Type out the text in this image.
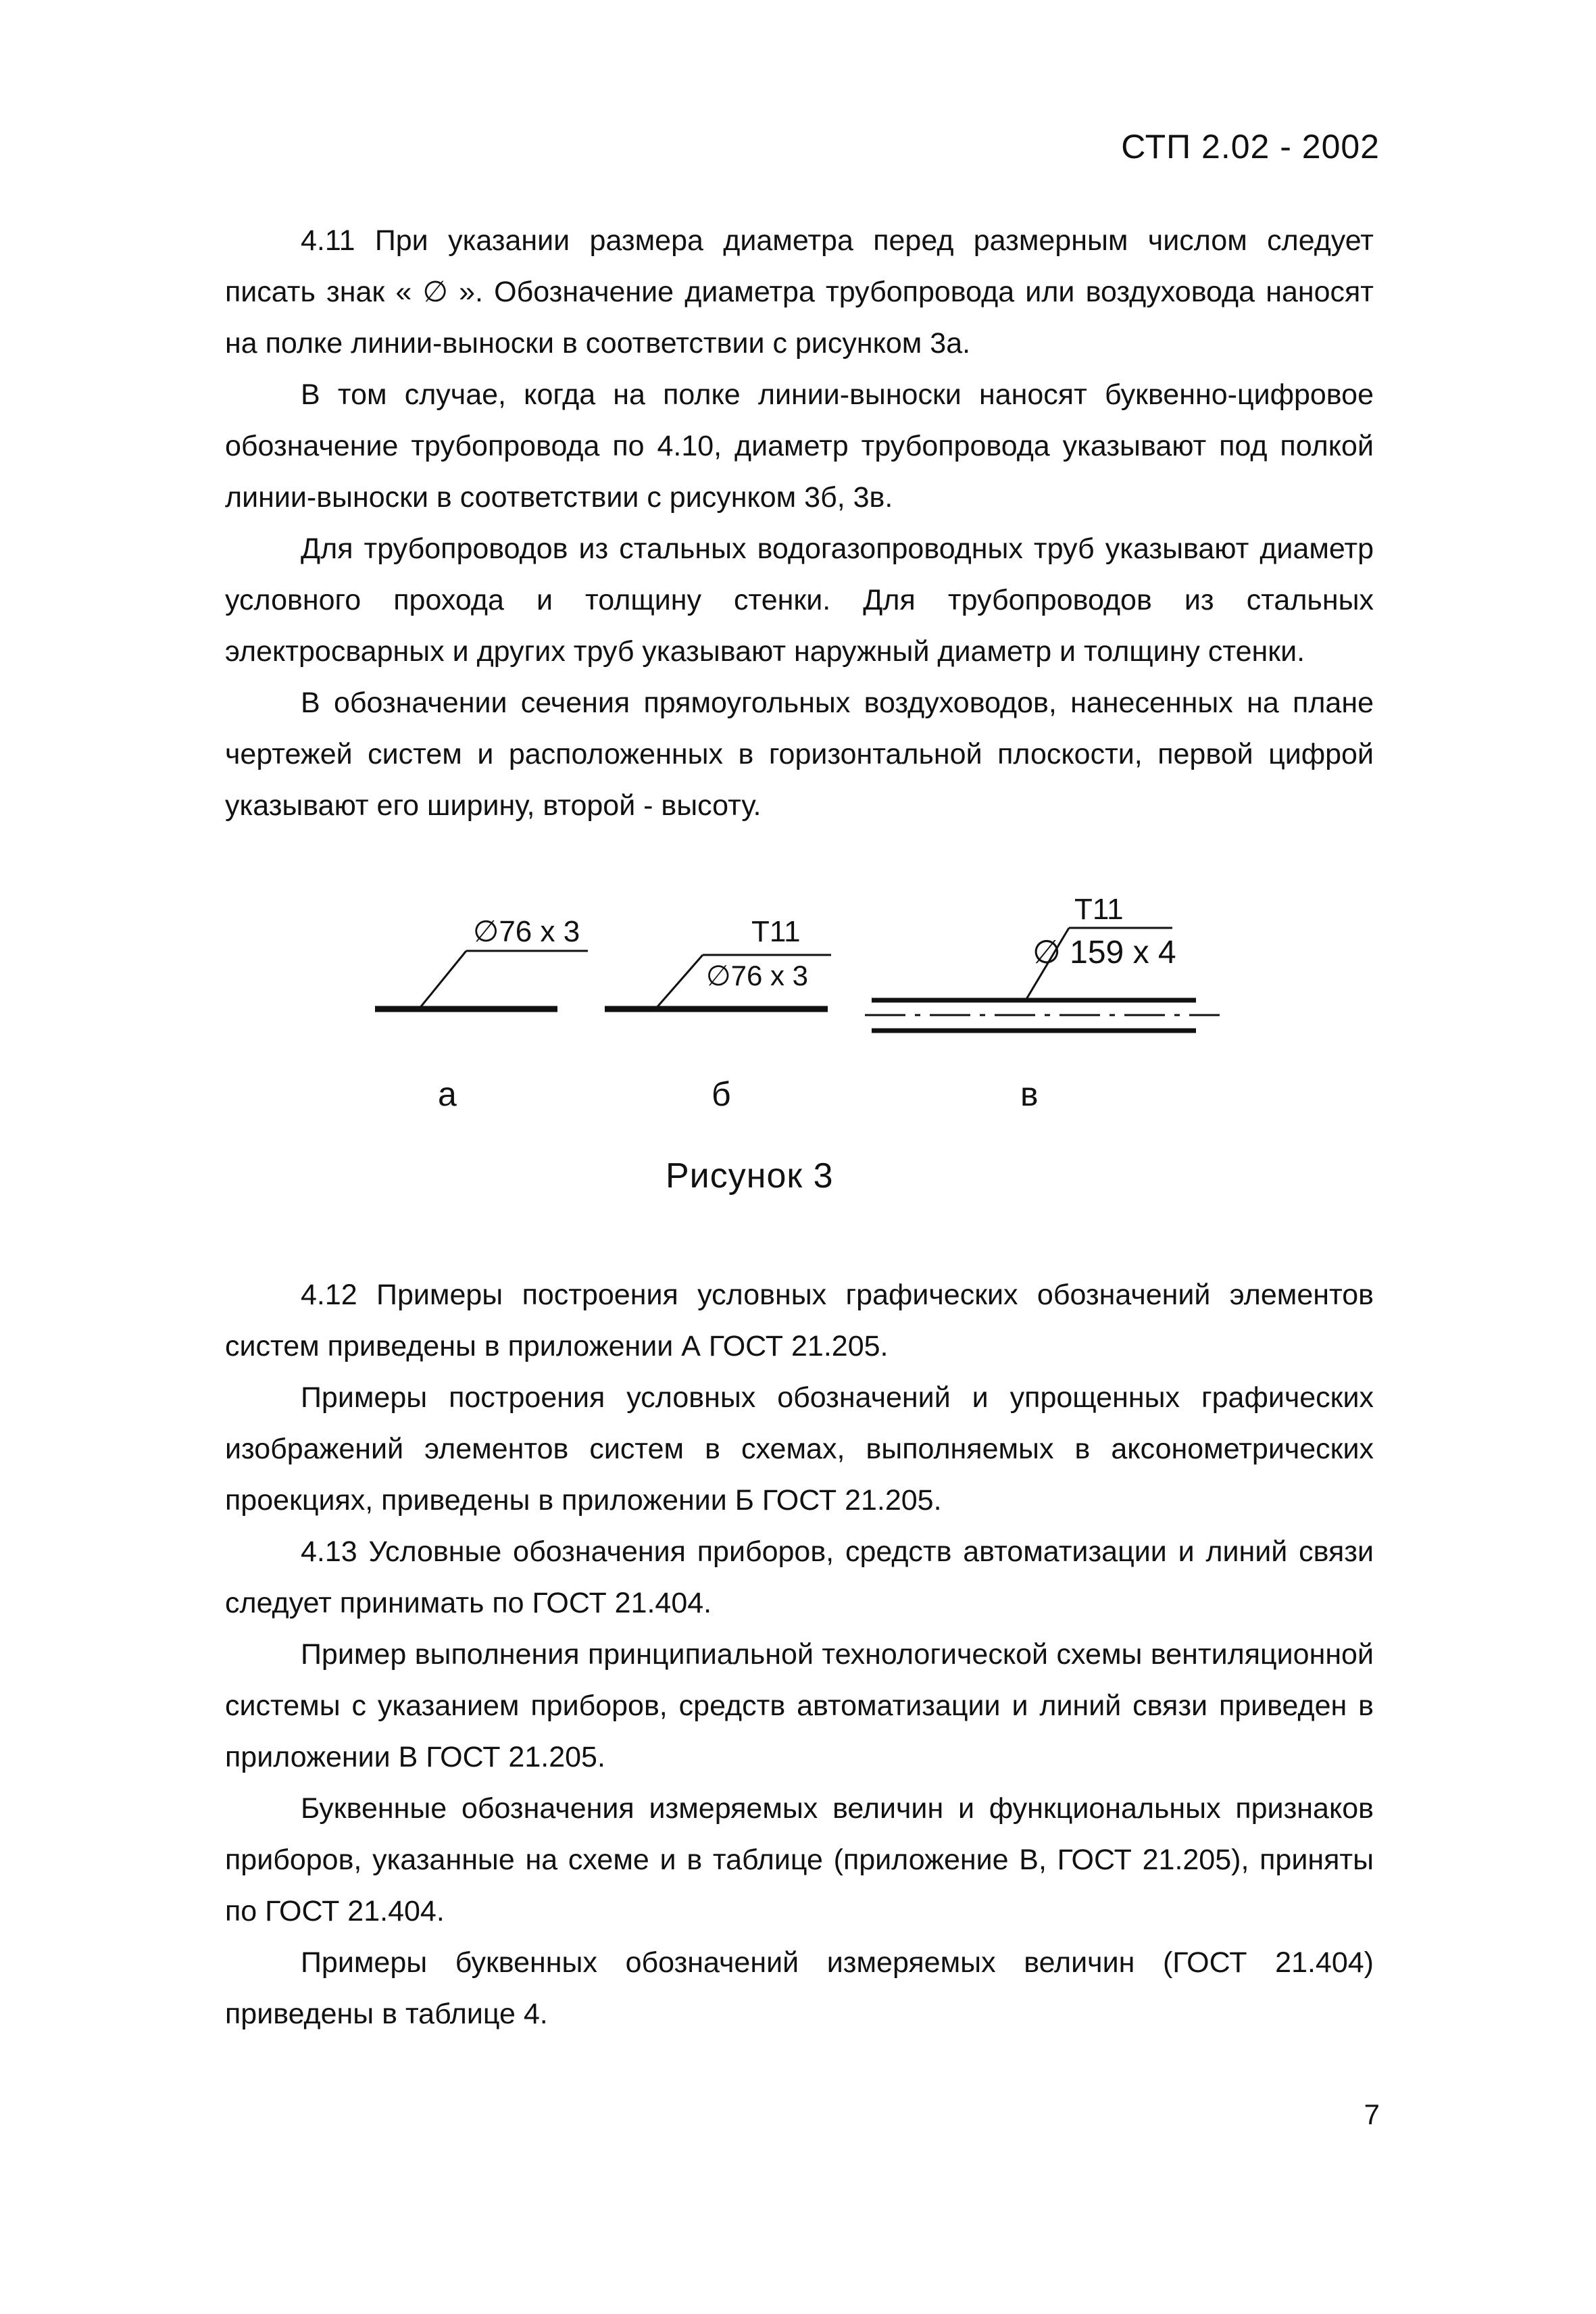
СТП 2.02 - 2002

4.11 При указании размера диаметра перед размерным числом следует писать знак « ∅ ». Обозначение диаметра трубопровода или воздуховода наносят на полке линии-выноски в соответствии с рисунком 3а.

В том случае, когда на полке линии-выноски наносят буквенно-цифровое обозначение трубопровода по 4.10, диаметр трубопровода указывают под полкой линии-выноски в соответствии с рисунком 3б, 3в.

Для трубопроводов из стальных водогазопроводных труб указывают диаметр условного прохода и толщину стенки. Для трубопроводов из стальных электросварных и других труб указывают наружный диаметр и толщину стенки.

В обозначении сечения прямоугольных воздуховодов, нанесенных на плане чертежей систем и расположенных в горизонтальной плоскости, первой цифрой указывают его ширину, второй - высоту.

∅76 x 3	Т11
∅76 x 3
Т11
∅ 159 x 4
а	б	в
Рисунок 3

4.12 Примеры построения условных графических обозначений элементов систем приведены в приложении А ГОСТ 21.205.

Примеры построения условных обозначений и упрощенных графических изображений элементов систем в схемах, выполняемых в аксонометрических проекциях, приведены в приложении Б ГОСТ 21.205.

4.13 Условные обозначения приборов, средств автоматизации и линий связи следует принимать по ГОСТ 21.404.

Пример выполнения принципиальной технологической схемы вентиляционной системы с указанием приборов, средств автоматизации и линий связи приведен в приложении В ГОСТ 21.205.

Буквенные обозначения измеряемых величин и функциональных признаков приборов, указанные на схеме и в таблице (приложение В, ГОСТ 21.205), приняты по ГОСТ 21.404.

Примеры буквенных обозначений измеряемых величин (ГОСТ 21.404) приведены в таблице 4.

7
